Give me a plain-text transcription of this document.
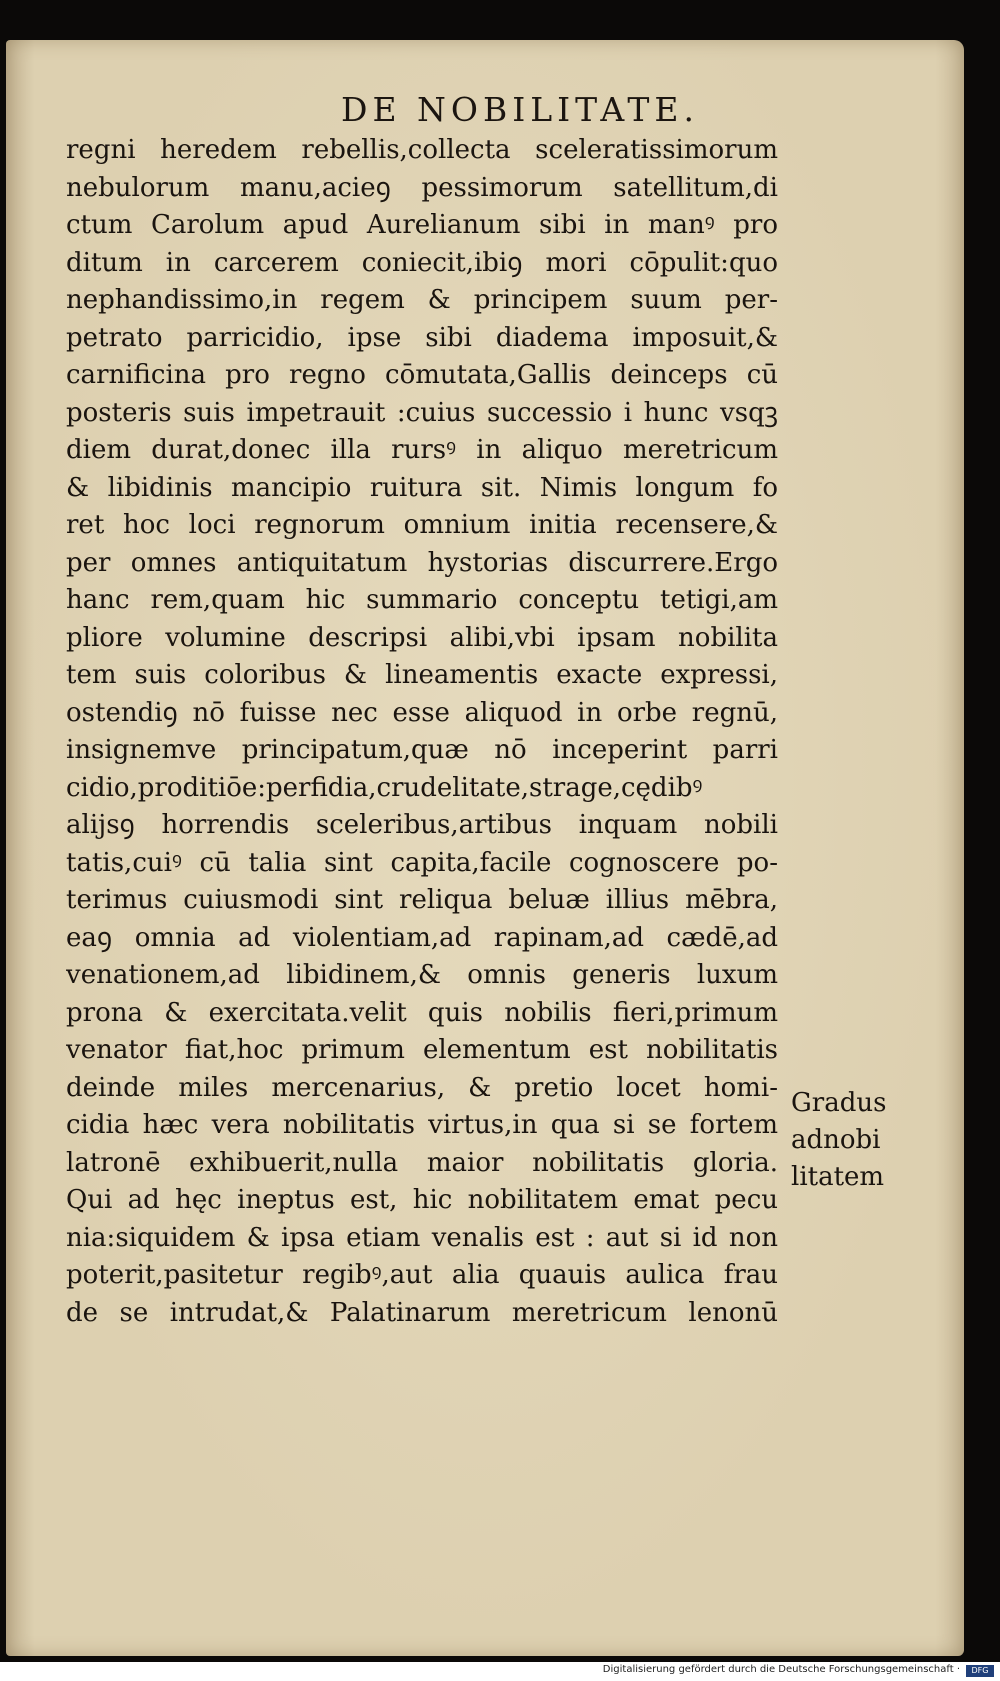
DE NOBILITATE.
regni heredem rebellis,collecta sceleratissimorum
nebulorum manu,acieꝯ pessimorum satellitum,di
ctum Carolum apud Aurelianum sibi in manꝰ pro
ditum in carcerem coniecit,ibiꝯ mori cōpulit:quo
nephandissimo,in regem & principem suum per-
petrato parricidio, ipse sibi diadema imposuit,&
carnificina pro regno cōmutata,Gallis deinceps cū
posteris suis impetrauit :cuius successio i hunc vsqꝫ
diem durat,donec illa rursꝰ in aliquo meretricum
& libidinis mancipio ruitura sit. Nimis longum fo
ret hoc loci regnorum omnium initia recensere,&
per omnes antiquitatum hystorias discurrere.Ergo
hanc rem,quam hic summario conceptu tetigi,am
pliore volumine descripsi alibi,vbi ipsam nobilita
tem suis coloribus & lineamentis exacte expressi,
ostendiꝯ nō fuisse nec esse aliquod in orbe regnū,
insignemve principatum,quæ nō inceperint parri
cidio,proditiōe:perfidia,crudelitate,strage,cędibꝰ
alijsꝯ horrendis sceleribus,artibus inquam nobili
tatis,cuiꝰ cū talia sint capita,facile cognoscere po-
terimus cuiusmodi sint reliqua beluæ illius mēbra,
eaꝯ omnia ad violentiam,ad rapinam,ad cædē,ad
venationem,ad libidinem,& omnis generis luxum
prona & exercitata.velit quis nobilis fieri,primum
venator fiat,hoc primum elementum est nobilitatis
deinde miles mercenarius, & pretio locet homi-
cidia hæc vera nobilitatis virtus,in qua si se fortem
latronē exhibuerit,nulla maior nobilitatis gloria.
Qui ad hęc ineptus est, hic nobilitatem emat pecu
nia:siquidem & ipsa etiam venalis est : aut si id non
poterit,pasitetur regibꝰ,aut alia quauis aulica frau
de se intrudat,& Palatinarum meretricum lenonū
Gradus
adnobi
litatem
Digitalisierung gefördert durch die Deutsche Forschungsgemeinschaft ·	DFG
